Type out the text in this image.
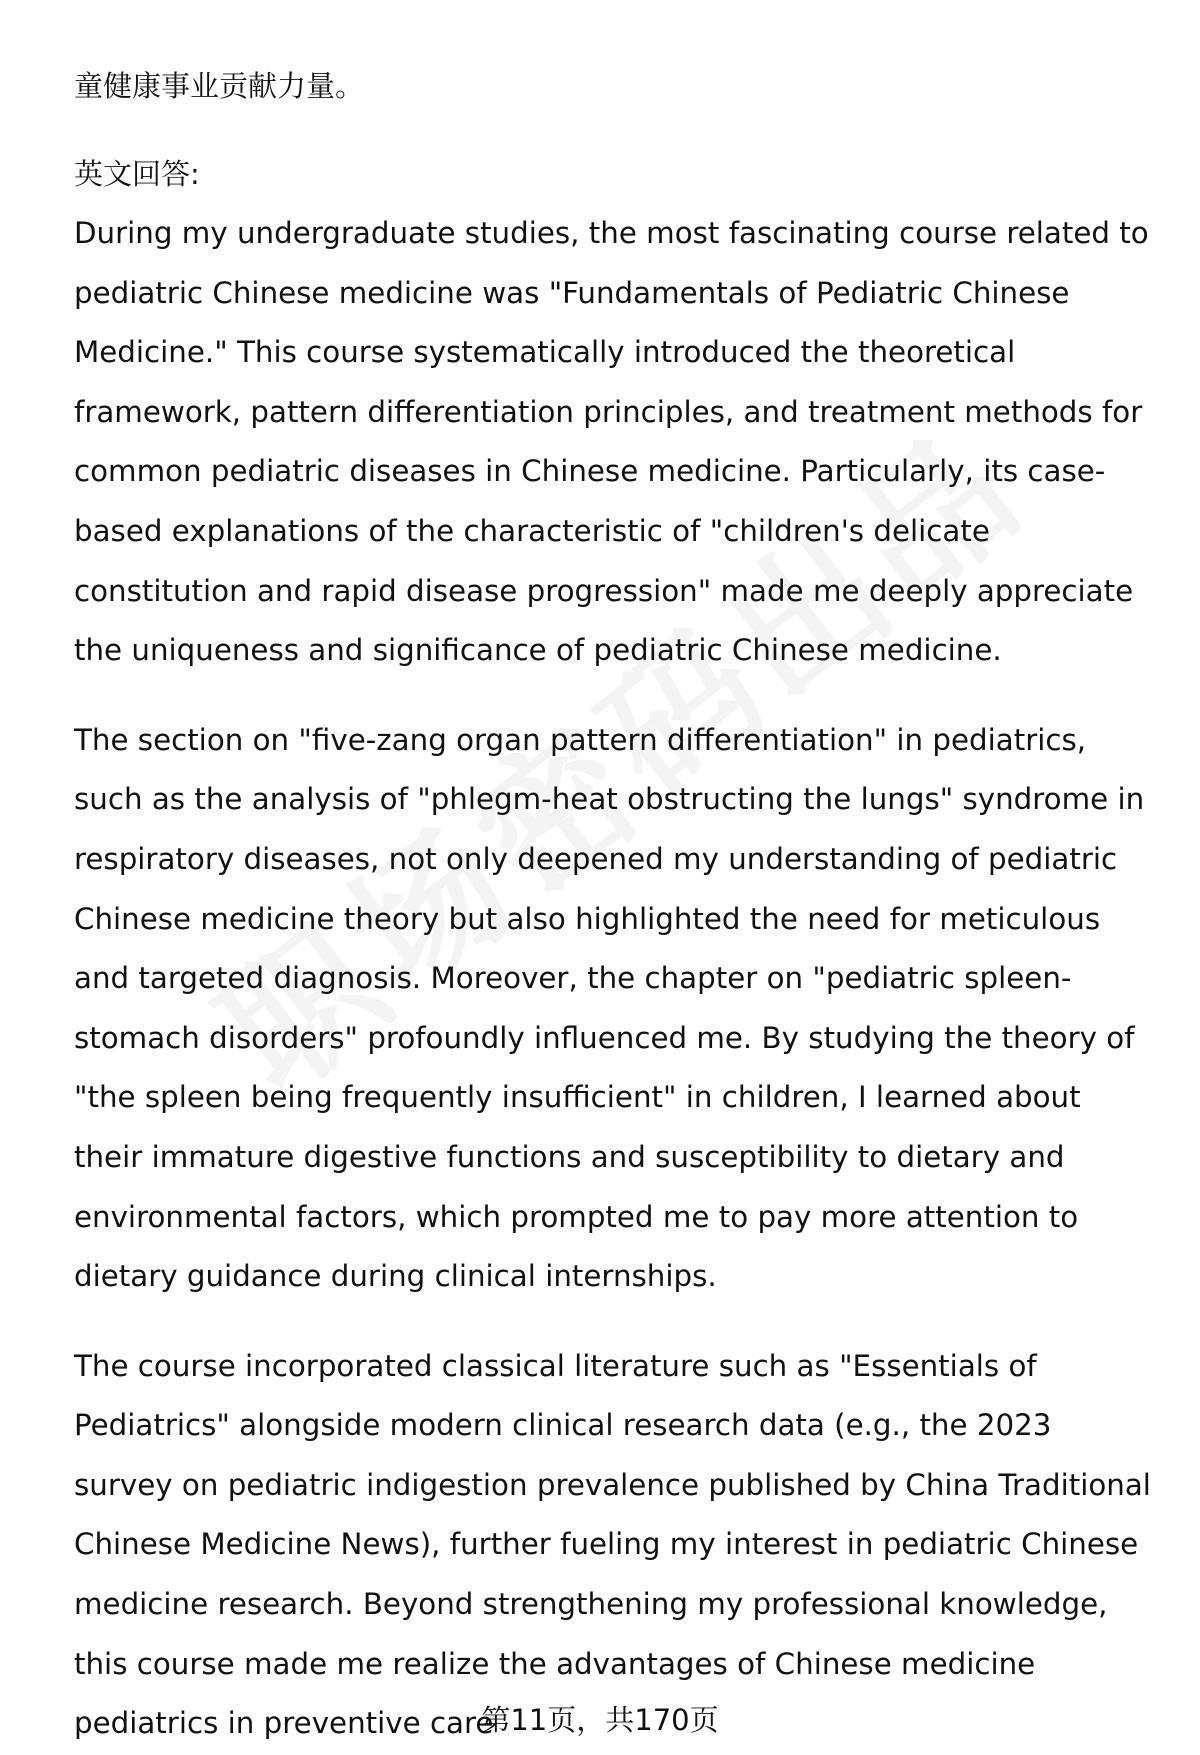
童健康事业贡献力量。

英文回答:

During my undergraduate studies, the most fascinating course related to pediatric Chinese medicine was "Fundamentals of Pediatric Chinese Medicine." This course systematically introduced the theoretical framework, pattern differentiation principles, and treatment methods for common pediatric diseases in Chinese medicine. Particularly, its case-based explanations of the characteristic of "children's delicate constitution and rapid disease progression" made me deeply appreciate the uniqueness and significance of pediatric Chinese medicine.

The section on "five-zang organ pattern differentiation" in pediatrics, such as the analysis of "phlegm-heat obstructing the lungs" syndrome in respiratory diseases, not only deepened my understanding of pediatric Chinese medicine theory but also highlighted the need for meticulous and targeted diagnosis. Moreover, the chapter on "pediatric spleen-stomach disorders" profoundly influenced me. By studying the theory of "the spleen being frequently insufficient" in children, I learned about their immature digestive functions and susceptibility to dietary and environmental factors, which prompted me to pay more attention to dietary guidance during clinical internships.

The course incorporated classical literature such as "Essentials of Pediatrics" alongside modern clinical research data (e.g., the 2023 survey on pediatric indigestion prevalence published by China Traditional Chinese Medicine News), further fueling my interest in pediatric Chinese medicine research. Beyond strengthening my professional knowledge, this course made me realize the advantages of Chinese medicine pediatrics in preventive care

第11页，共170页
